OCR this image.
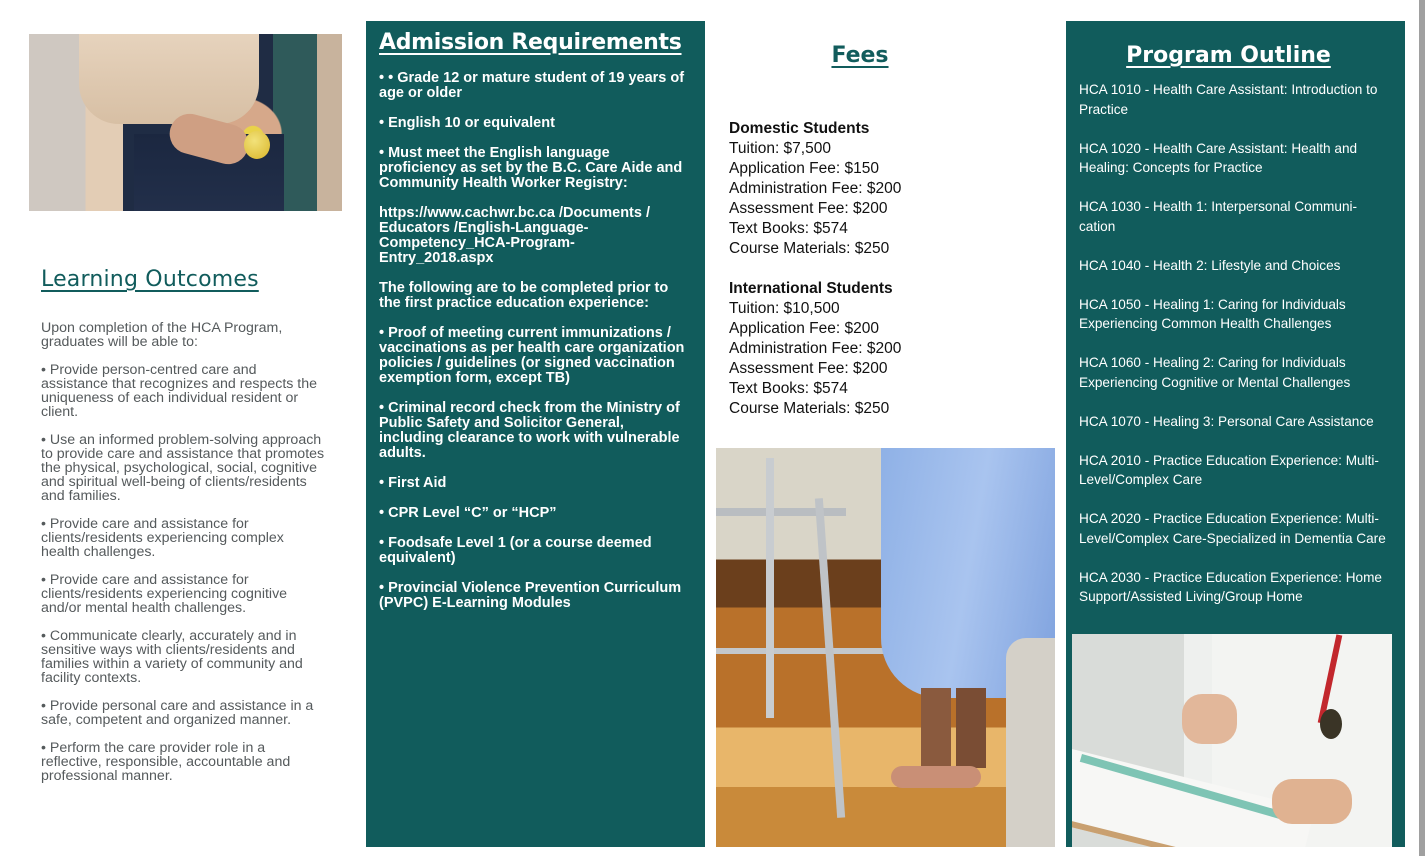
Learning Outcomes

Upon completion of the HCA Program, graduates will be able to:

• Provide person-centred care and assistance that recognizes and respects the uniqueness of each individual resident or client.

• Use an informed problem-solving approach to provide care and assistance that promotes the physical, psychological, social, cognitive and spiritual well-being of clients/residents and families.

• Provide care and assistance for clients/residents experiencing complex health challenges.

• Provide care and assistance for clients/residents experiencing cognitive and/or mental health challenges.

• Communicate clearly, accurately and in sensitive ways with clients/residents and families within a variety of community and facility contexts.

• Provide personal care and assistance in a safe, competent and organized manner.

• Perform the care provider role in a reflective, responsible, accountable and professional manner.

Admission Requirements

• • Grade 12 or mature student of 19 years of age or older

• English 10 or equivalent

• Must meet the English language proficiency as set by the B.C. Care Aide and Community Health Worker Registry:

https://www.cachwr.bc.ca /Documents / Educators /English-Language-Competency_HCA-Program-Entry_2018.aspx

The following are to be completed prior to the first practice education experience:

• Proof of meeting current immunizations / vaccinations as per health care organization policies / guidelines (or signed vaccination exemption form, except TB)

• Criminal record check from the Ministry of Public Safety and Solicitor General, including clearance to work with vulnerable adults.

• First Aid

• CPR Level “C” or “HCP”

• Foodsafe Level 1 (or a course deemed equivalent)

• Provincial Violence Prevention Curriculum (PVPC) E-Learning Modules

Fees
Domestic Students
Tuition: $7,500
Application Fee: $150
Administration Fee: $200
Assessment Fee: $200
Text Books: $574
Course Materials: $250
International Students
Tuition: $10,500
Application Fee: $200
Administration Fee: $200
Assessment Fee: $200
Text Books: $574
Course Materials: $250
Program Outline
HCA 1010 - Health Care Assistant: Introduction to Practice
HCA 1020 - Health Care Assistant: Health and Healing: Concepts for Practice
HCA 1030 - Health 1: Interpersonal Communi-cation
HCA 1040 - Health 2: Lifestyle and Choices
HCA 1050 - Healing 1: Caring for Individuals Experiencing Common Health Challenges
HCA 1060 - Healing 2: Caring for Individuals Experiencing Cognitive or Mental Challenges
HCA 1070 - Healing 3: Personal Care Assistance
HCA 2010 - Practice Education Experience: Multi-Level/Complex Care
HCA 2020 - Practice Education Experience: Multi-Level/Complex Care-Specialized in Dementia Care
HCA 2030 - Practice Education Experience: Home Support/Assisted Living/Group Home
